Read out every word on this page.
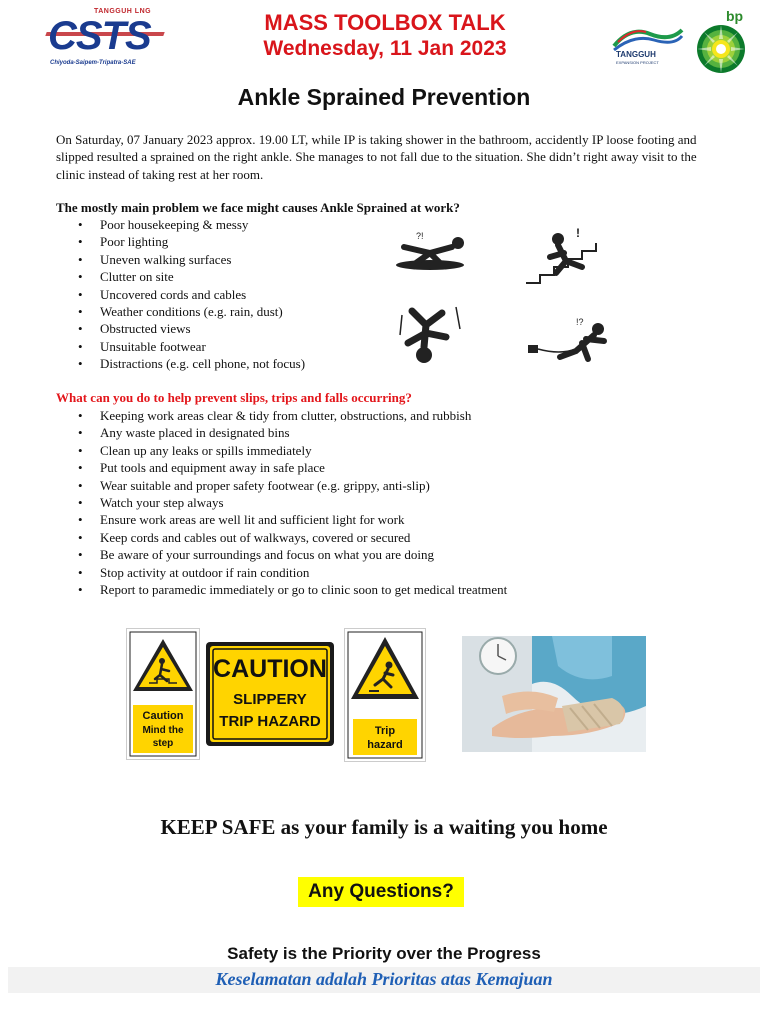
TANGGUH LNG
CSTS
Chiyoda-Saipem-Tripatra-SAE
MASS TOOLBOX TALK
Wednesday, 11 Jan 2023	TANGGUH
EXPANSION PROJECT
bp
Ankle Sprained Prevention

On Saturday, 07 January 2023 approx. 19.00 LT, while IP is taking shower in the bathroom, accidently IP loose footing and slipped resulted a sprained on the right ankle. She manages to not fall due to the situation. She didn’t right away visit to the clinic instead of taking rest at her room.

The mostly main problem we face might causes Ankle Sprained at work?
• Poor housekeeping & messy
• Poor lighting
• Uneven walking surfaces
• Clutter on site
• Uncovered cords and cables
• Weather conditions (e.g. rain, dust)
• Obstructed views
• Unsuitable footwear
• Distractions (e.g. cell phone, not focus)
?!	!
!?
What can you do to help prevent slips, trips and falls occurring?
• Keeping work areas clear & tidy from clutter, obstructions, and rubbish
• Any waste placed in designated bins
• Clean up any leaks or spills immediately
• Put tools and equipment away in safe place
• Wear suitable and proper safety footwear (e.g. grippy, anti-slip)
• Watch your step always
• Ensure work areas are well lit and sufficient light for work
• Keep cords and cables out of walkways, covered or secured
• Be aware of your surroundings and focus on what you are doing
• Stop activity at outdoor if rain condition
• Report to paramedic immediately or go to clinic soon to get medical treatment
Caution
Mind the
step
CAUTION
SLIPPERY
TRIP HAZARD
Trip
hazard
KEEP SAFE as your family is a waiting you home
Any Questions?
Safety is the Priority over the Progress
Keselamatan adalah Prioritas atas Kemajuan
